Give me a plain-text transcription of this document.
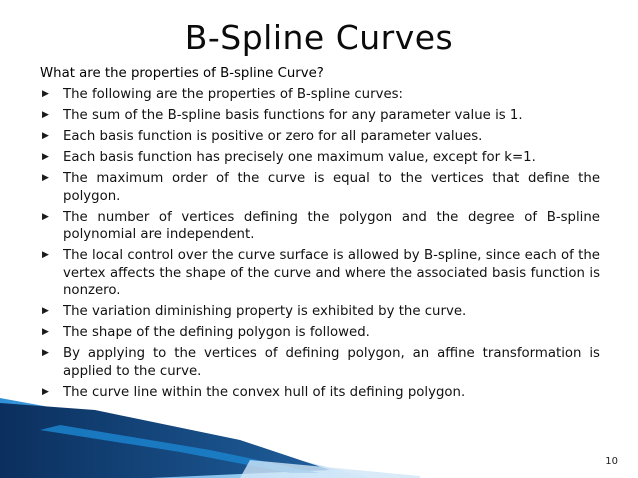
B-Spline Curves
What are the properties of B-spline Curve?
▶ The following are the properties of B-spline curves:
▶ The sum of the B-spline basis functions for any parameter value is 1.
▶ Each basis function is positive or zero for all parameter values.
▶ Each basis function has precisely one maximum value, except for k=1.
▶ The maximum order of the curve is equal to the vertices that define the polygon.
▶ The number of vertices defining the polygon and the degree of B-spline polynomial are independent.
▶ The local control over the curve surface is allowed by B-spline, since each of the vertex affects the shape of the curve and where the associated basis function is nonzero.
▶ The variation diminishing property is exhibited by the curve.
▶ The shape of the defining polygon is followed.
▶ By applying to the vertices of defining polygon, an affine transformation is applied to the curve.
▶ The curve line within the convex hull of its defining polygon.
10
